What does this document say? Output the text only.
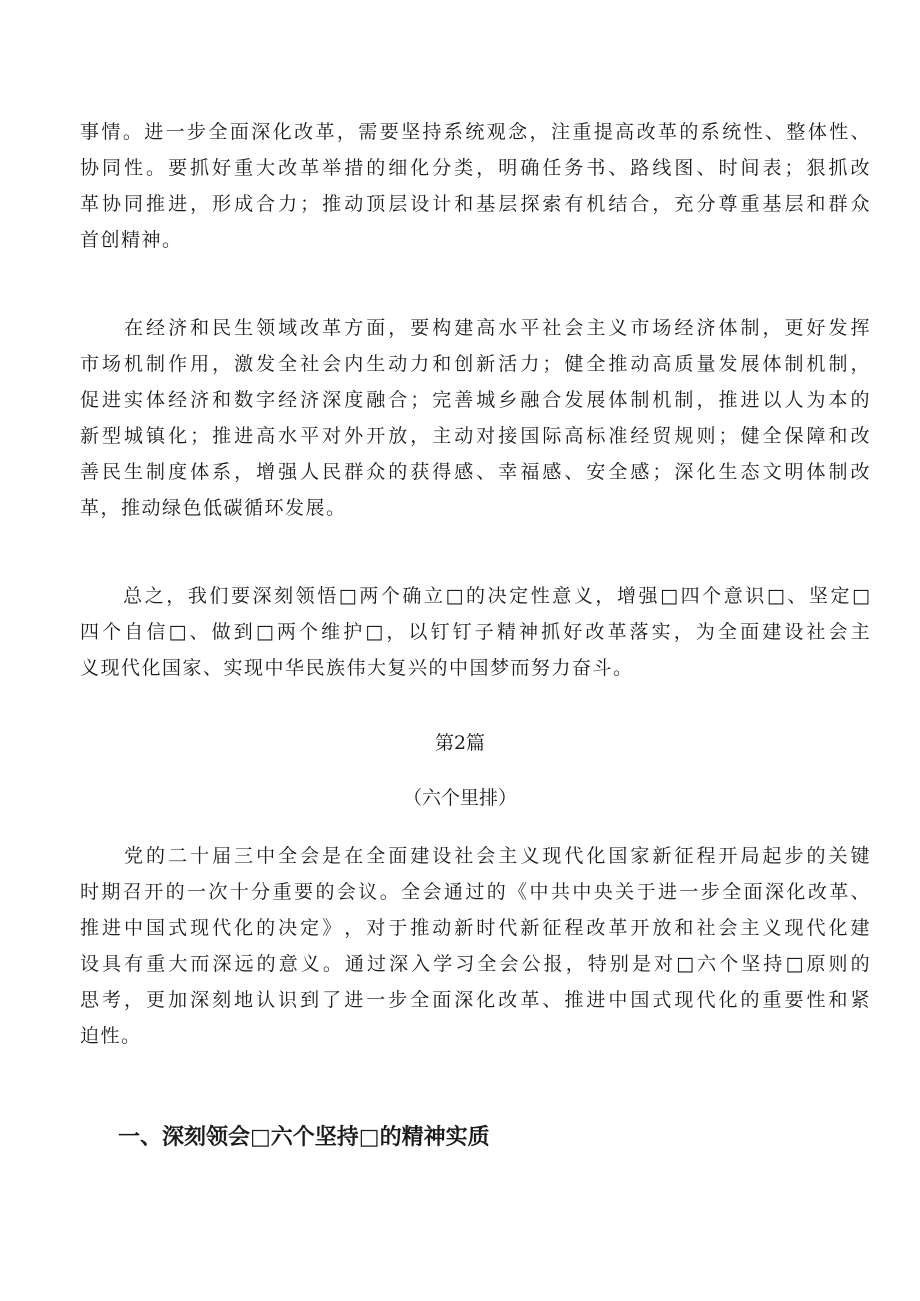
事 情 。 进 一 步 全 面 深 化 改 革 ， 需 要 坚 持 系 统 观 念 ， 注 重 提 高 改 革 的 系 统 性 、 整 体 性 、
协 同 性 。 要 抓 好 重 大 改 革 举 措 的 细 化 分 类 ， 明 确 任 务 书 、 路 线 图 、 时 间 表 ； 狠 抓 改
革 协 同 推 进 ， 形 成 合 力 ； 推 动 顶 层 设 计 和 基 层 探 索 有 机 结 合 ， 充 分 尊 重 基 层 和 群 众
首创精神。

在 经 济 和 民 生 领 域 改 革 方 面 ， 要 构 建 高 水 平 社 会 主 义 市 场 经 济 体 制 ， 更 好 发 挥
市 场 机 制 作 用 ， 激 发 全 社 会 内 生 动 力 和 创 新 活 力 ； 健 全 推 动 高 质 量 发 展 体 制 机 制 ，
促 进 实 体 经 济 和 数 字 经 济 深 度 融 合 ； 完 善 城 乡 融 合 发 展 体 制 机 制 ， 推 进 以 人 为 本 的
新 型 城 镇 化 ； 推 进 高 水 平 对 外 开 放 ， 主 动 对 接 国 际 高 标 准 经 贸 规 则 ； 健 全 保 障 和 改
善 民 生 制 度 体 系 ， 增 强 人 民 群 众 的 获 得 感 、 幸 福 感 、 安 全 感 ； 深 化 生 态 文 明 体 制 改
革，推动绿色低碳循环发展。

总 之 ， 我 们 要 深 刻 领 悟 □ 两 个 确 立 □ 的 决 定 性 意 义 ， 增 强 □ 四 个 意 识 □ 、 坚 定 □
四 个 自 信 □ 、 做 到 □ 两 个 维 护 □ ， 以 钉 钉 子 精 神 抓 好 改 革 落 实 ， 为 全 面 建 设 社 会 主
义现代化国家、实现中华民族伟大复兴的中国梦而努力奋斗。
第2篇
（六个里排）

党 的 二 十 届 三 中 全 会 是 在 全 面 建 设 社 会 主 义 现 代 化 国 家 新 征 程 开 局 起 步 的 关 键
时 期 召 开 的 一 次 十 分 重 要 的 会 议 。 全 会 通 过 的 《 中 共 中 央 关 于 进 一 步 全 面 深 化 改 革 、
推 进 中 国 式 现 代 化 的 决 定 》 ， 对 于 推 动 新 时 代 新 征 程 改 革 开 放 和 社 会 主 义 现 代 化 建
设 具 有 重 大 而 深 远 的 意 义 。 通 过 深 入 学 习 全 会 公 报 ， 特 别 是 对 □ 六 个 坚 持 □ 原 则 的
思 考 ， 更 加 深 刻 地 认 识 到 了 进 一 步 全 面 深 化 改 革 、 推 进 中 国 式 现 代 化 的 重 要 性 和 紧
迫性。
一、深刻领会□六个坚持□的精神实质
